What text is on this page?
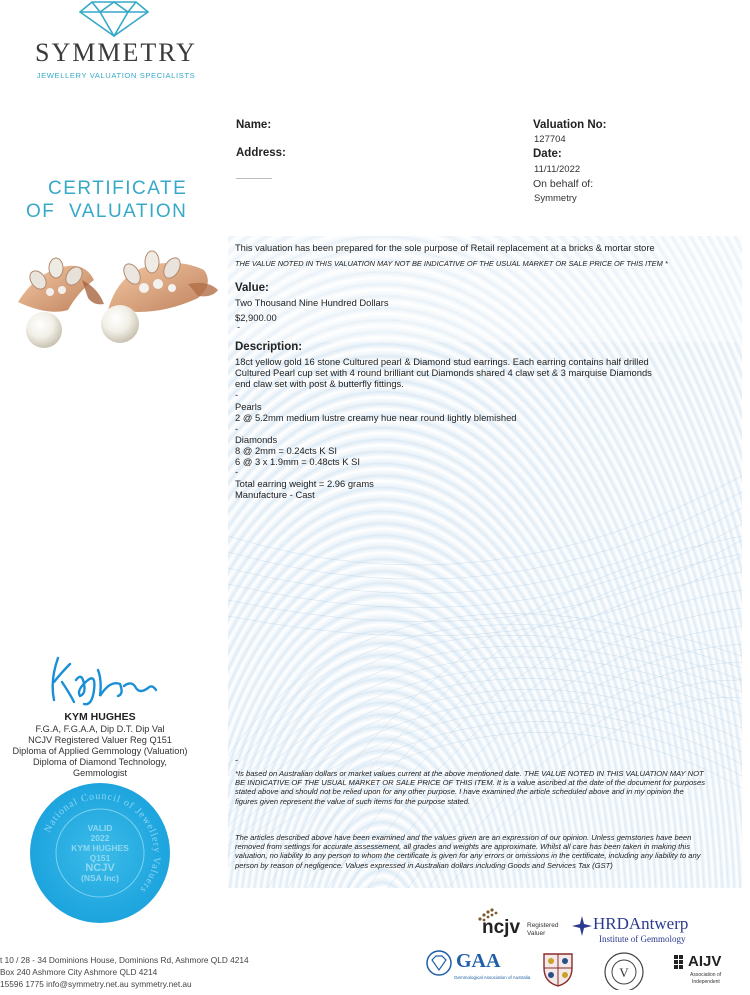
SYMMETRY
JEWELLERY VALUATION SPECIALISTS
CERTIFICATE
OF  VALUATION
Name:
Address:
Valuation No:
127704
Date:
11/11/2022
On behalf of:
Symmetry
This valuation has been prepared for the sole purpose of Retail replacement at a bricks & mortar store
THE VALUE NOTED IN THIS VALUATION MAY NOT BE INDICATIVE OF THE USUAL MARKET OR SALE PRICE OF THIS ITEM *
Value:
Two Thousand Nine Hundred Dollars
$2,900.00
-
Description:
18ct yellow gold 16 stone Cultured pearl & Diamond stud earrings. Each earring contains half drilled
Cultured Pearl cup set with 4 round brilliant cut Diamonds shared 4 claw set & 3 marquise Diamonds
end claw set with post & butterfly fittings.
-
Pearls
2 @ 5.2mm medium lustre creamy hue near round lightly blemished
-
Diamonds
8 @ 2mm = 0.24cts K SI
6 @ 3 x 1.9mm = 0.48cts K SI
-
Total earring weight = 2.96 grams
Manufacture - Cast
-
*Is based on Australian dollars or market values current at the above mentioned date. THE VALUE NOTED IN THIS VALUATION MAY NOT BE INDICATIVE OF THE USUAL MARKET OR SALE PRICE OF THIS ITEM. It is a value ascribed at the date of the document for purposes stated above and should not be relied upon for any other purpose. I have examined the article scheduled above and in my opinion the figures given represent the value of such items for the purpose stated.
The articles described above have been examined and the values given are an expression of our opinion. Unless gemstones have been removed from settings for accurate assessement, all grades and weights are approximate. Whilst all care has been taken in making this valuation, no liability to any person to whom the certificate is given for any errors or omissions in the certificate, including any liability to any person by reason of negligence. Values expressed in Australian dollars including Goods and Services Tax (GST)
KYM HUGHES
F.G.A, F.G.A.A, Dip D.T. Dip Val
NCJV Registered Valuer Reg Q151
Diploma of Applied Gemmology (Valuation)
Diploma of Diamond Technology,
Gemmologist
National Council of Jewellery Valuers
VALID
2022
KYM HUGHES
Q151
NCJV
(NSA Inc)
ncjv Registered
Valuer
HRDAntwerp
Institute of Gemmology
GAA
Gemmological Association of Australia	V
AIJV
Association of
Independent
t 10 / 28 - 34 Dominions House, Dominions Rd, Ashmore QLD 4214
Box 240 Ashmore City Ashmore QLD 4214
15596 1775 info@symmetry.net.au symmetry.net.au
